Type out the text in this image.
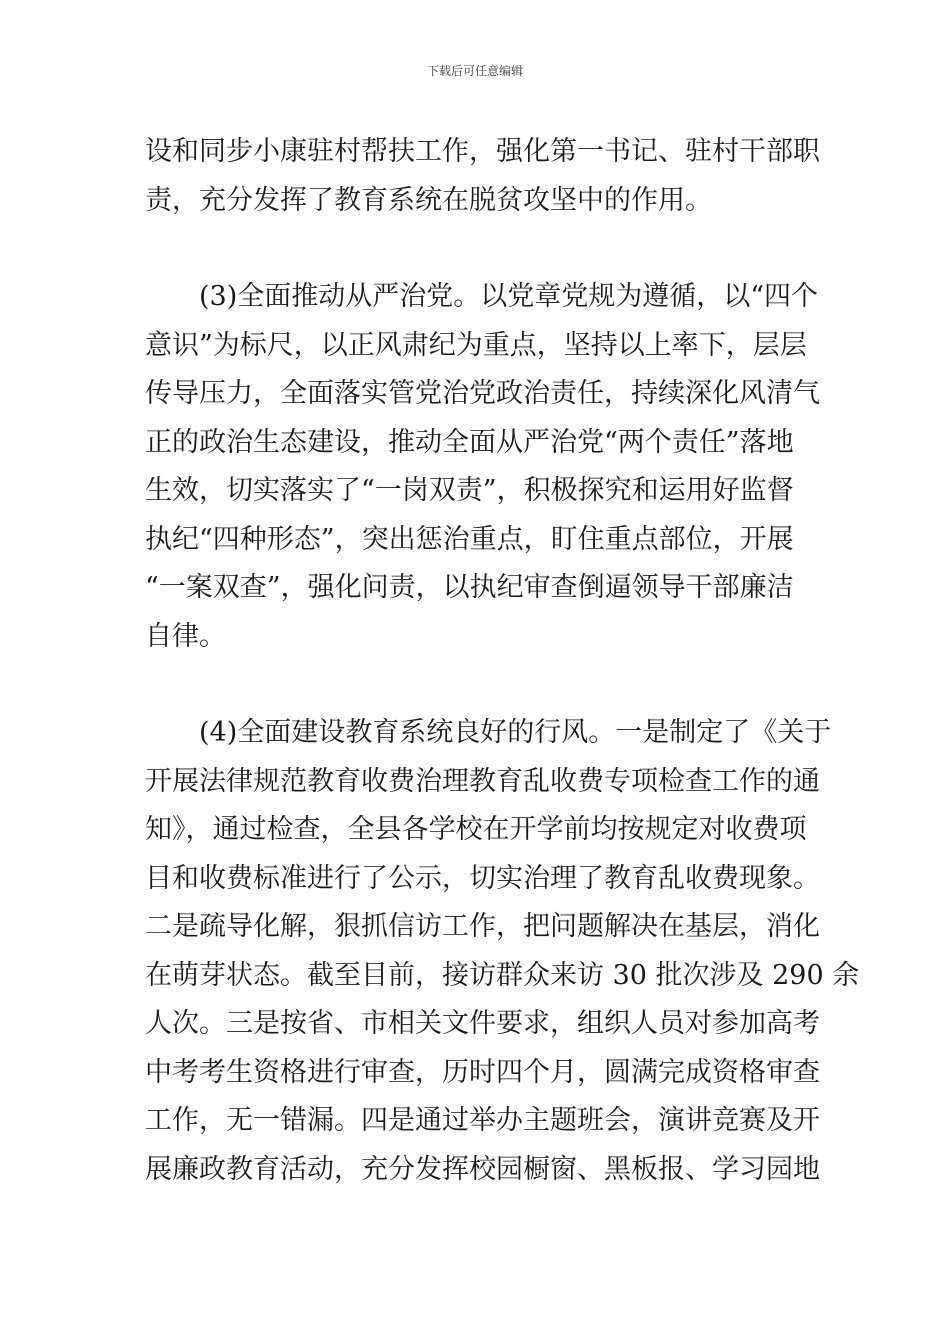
下载后可任意编辑

设和同步小康驻村帮扶工作，强化第一书记、驻村干部职
责，充分发挥了教育系统在脱贫攻坚中的作用。

　　(3)全面推动从严治党。以党章党规为遵循，以“四个
意识”为标尺，以正风肃纪为重点，坚持以上率下，层层
传导压力，全面落实管党治党政治责任，持续深化风清气
正的政治生态建设，推动全面从严治党“两个责任”落地
生效，切实落实了“一岗双责”，积极探究和运用好监督
执纪“四种形态”，突出惩治重点，盯住重点部位，开展
“一案双查”，强化问责，以执纪审查倒逼领导干部廉洁
自律。

　　(4)全面建设教育系统良好的行风。一是制定了《关于
开展法律规范教育收费治理教育乱收费专项检查工作的通
知》，通过检查，全县各学校在开学前均按规定对收费项
目和收费标准进行了公示，切实治理了教育乱收费现象。
二是疏导化解，狠抓信访工作，把问题解决在基层，消化
在萌芽状态。截至目前，接访群众来访 30 批次涉及 290 余
人次。三是按省、市相关文件要求，组织人员对参加高考
中考考生资格进行审查，历时四个月，圆满完成资格审查
工作，无一错漏。四是通过举办主题班会，演讲竞赛及开
展廉政教育活动，充分发挥校园橱窗、黑板报、学习园地
